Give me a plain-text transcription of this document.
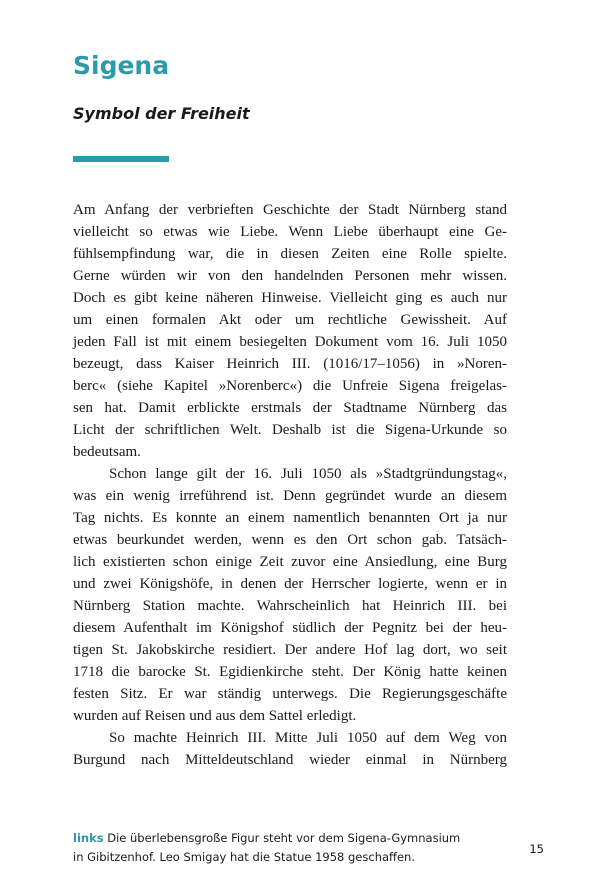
Sigena
Symbol der Freiheit
Am Anfang der verbrieften Geschichte der Stadt Nürnberg stand
vielleicht so etwas wie Liebe. Wenn Liebe überhaupt eine Ge-
fühlsempfindung war, die in diesen Zeiten eine Rolle spielte.
Gerne würden wir von den handelnden Personen mehr wissen.
Doch es gibt keine näheren Hinweise. Vielleicht ging es auch nur
um einen formalen Akt oder um rechtliche Gewissheit. Auf
jeden Fall ist mit einem besiegelten Dokument vom 16. Juli 1050
bezeugt, dass Kaiser Heinrich III. (1016/17–1056) in »Noren-
berc« (siehe Kapitel »Norenberc«) die Unfreie Sigena freigelas-
sen hat. Damit erblickte erstmals der Stadtname Nürnberg das
Licht der schriftlichen Welt. Deshalb ist die Sigena-Urkunde so
bedeutsam.
Schon lange gilt der 16. Juli 1050 als »Stadtgründungstag«,
was ein wenig irreführend ist. Denn gegründet wurde an diesem
Tag nichts. Es konnte an einem namentlich benannten Ort ja nur
etwas beurkundet werden, wenn es den Ort schon gab. Tatsäch-
lich existierten schon einige Zeit zuvor eine Ansiedlung, eine Burg
und zwei Königshöfe, in denen der Herrscher logierte, wenn er in
Nürnberg Station machte. Wahrscheinlich hat Heinrich III. bei
diesem Aufenthalt im Königshof südlich der Pegnitz bei der heu-
tigen St. Jakobskirche residiert. Der andere Hof lag dort, wo seit
1718 die barocke St. Egidienkirche steht. Der König hatte keinen
festen Sitz. Er war ständig unterwegs. Die Regierungsgeschäfte
wurden auf Reisen und aus dem Sattel erledigt.
So machte Heinrich III. Mitte Juli 1050 auf dem Weg von
Burgund nach Mitteldeutschland wieder einmal in Nürnberg
links Die überlebensgroße Figur steht vor dem Sigena-Gymnasium
in Gibitzenhof. Leo Smigay hat die Statue 1958 geschaffen.
15
